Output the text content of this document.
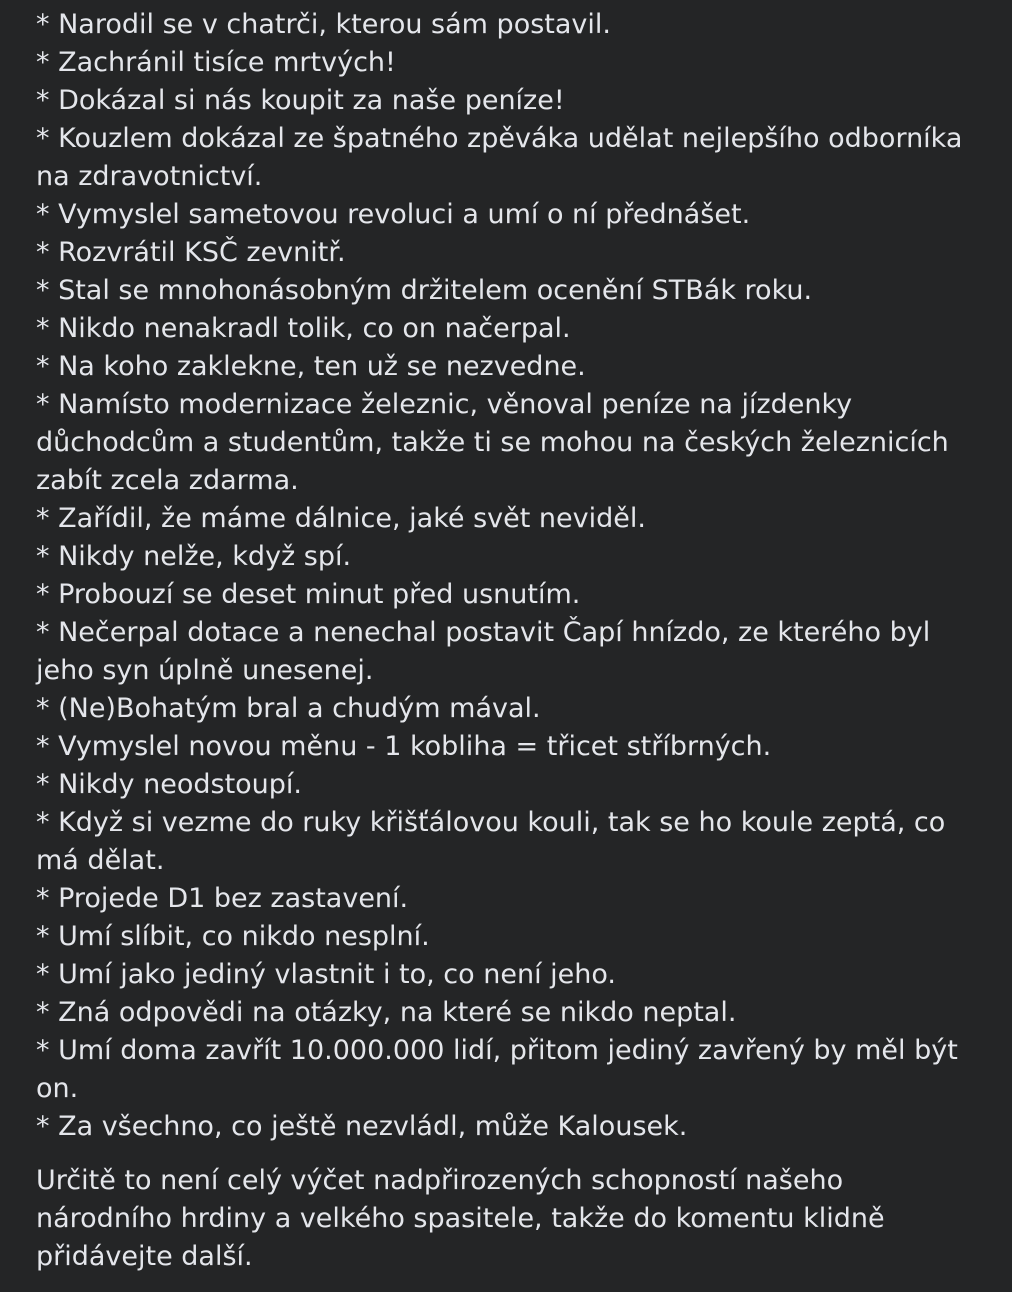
* Narodil se v chatrči, kterou sám postavil.

* Zachránil tisíce mrtvých!

* Dokázal si nás koupit za naše peníze!

* Kouzlem dokázal ze špatného zpěváka udělat nejlepšího odborníka na zdravotnictví.

* Vymyslel sametovou revoluci a umí o ní přednášet.

* Rozvrátil KSČ zevnitř.

* Stal se mnohonásobným držitelem ocenění STBák roku.

* Nikdo nenakradl tolik, co on načerpal.

* Na koho zaklekne, ten už se nezvedne.

* Namísto modernizace železnic, věnoval peníze na jízdenky důchodcům a studentům, takže ti se mohou na českých železnicích zabít zcela zdarma.

* Zařídil, že máme dálnice, jaké svět neviděl.

* Nikdy nelže, když spí.

* Probouzí se deset minut před usnutím.

* Nečerpal dotace a nenechal postavit Čapí hnízdo, ze kterého byl jeho syn úplně unesenej.

* (Ne)Bohatým bral a chudým mával.

* Vymyslel novou měnu - 1 kobliha = třicet stříbrných.

* Nikdy neodstoupí.

* Když si vezme do ruky křišťálovou kouli, tak se ho koule zeptá, co má dělat.

* Projede D1 bez zastavení.

* Umí slíbit, co nikdo nesplní.

* Umí jako jediný vlastnit i to, co není jeho.

* Zná odpovědi na otázky, na které se nikdo neptal.

* Umí doma zavřít 10.000.000 lidí, přitom jediný zavřený by měl být on.

* Za všechno, co ještě nezvládl, může Kalousek.

Určitě to není celý výčet nadpřirozených schopností našeho národního hrdiny a velkého spasitele, takže do komentu klidně přidávejte další.
